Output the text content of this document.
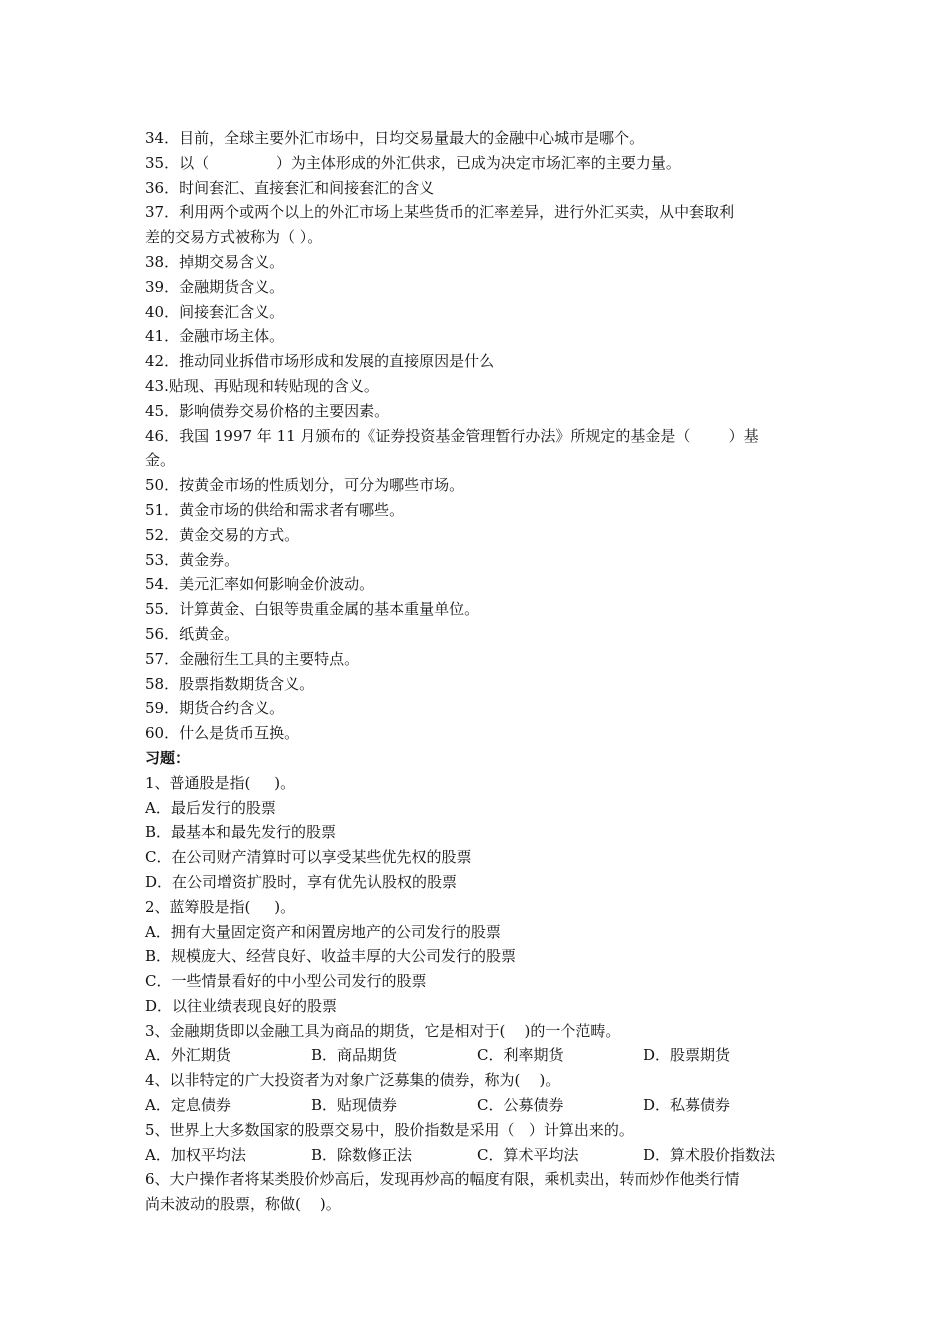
34．目前，全球主要外汇市场中，日均交易量最大的金融中心城市是哪个。
35．以（              ）为主体形成的外汇供求，已成为决定市场汇率的主要力量。
36．时间套汇、直接套汇和间接套汇的含义
37．利用两个或两个以上的外汇市场上某些货币的汇率差异，进行外汇买卖，从中套取利
差的交易方式被称为（ ）。
38．掉期交易含义。
39．金融期货含义。
40．间接套汇含义。
41．金融市场主体。
42．推动同业拆借市场形成和发展的直接原因是什么
43.贴现、再贴现和转贴现的含义。
45．影响债券交易价格的主要因素。
46．我国 1997 年 11 月颁布的《证券投资基金管理暂行办法》所规定的基金是（        ）基
金。
50．按黄金市场的性质划分，可分为哪些市场。
51．黄金市场的供给和需求者有哪些。
52．黄金交易的方式。
53．黄金券。
54．美元汇率如何影响金价波动。
55．计算黄金、白银等贵重金属的基本重量单位。
56．纸黄金。
57．金融衍生工具的主要特点。
58．股票指数期货含义。
59．期货合约含义。
60．什么是货币互换。
习题：
1、普通股是指(     )。
A．最后发行的股票
B．最基本和最先发行的股票
C．在公司财产清算时可以享受某些优先权的股票
D．在公司增资扩股时，享有优先认股权的股票
2、蓝筹股是指(     )。
A．拥有大量固定资产和闲置房地产的公司发行的股票
B．规模庞大、经营良好、收益丰厚的大公司发行的股票
C．一些情景看好的中小型公司发行的股票
D．以往业绩表现良好的股票
3、金融期货即以金融工具为商品的期货，它是相对于(    )的一个范畴。
A．外汇期货	B．商品期货	C．利率期货	D．股票期货
4、以非特定的广大投资者为对象广泛募集的债券，称为(    )。
A．定息债券	B．贴现债券	C．公募债券	D．私募债券
5、世界上大多数国家的股票交易中，股价指数是采用（   ）计算出来的。
A．加权平均法	B．除数修正法	C．算术平均法	D．算术股价指数法
6、大户操作者将某类股价炒高后，发现再炒高的幅度有限，乘机卖出，转而炒作他类行情
尚未波动的股票，称做(    )。
